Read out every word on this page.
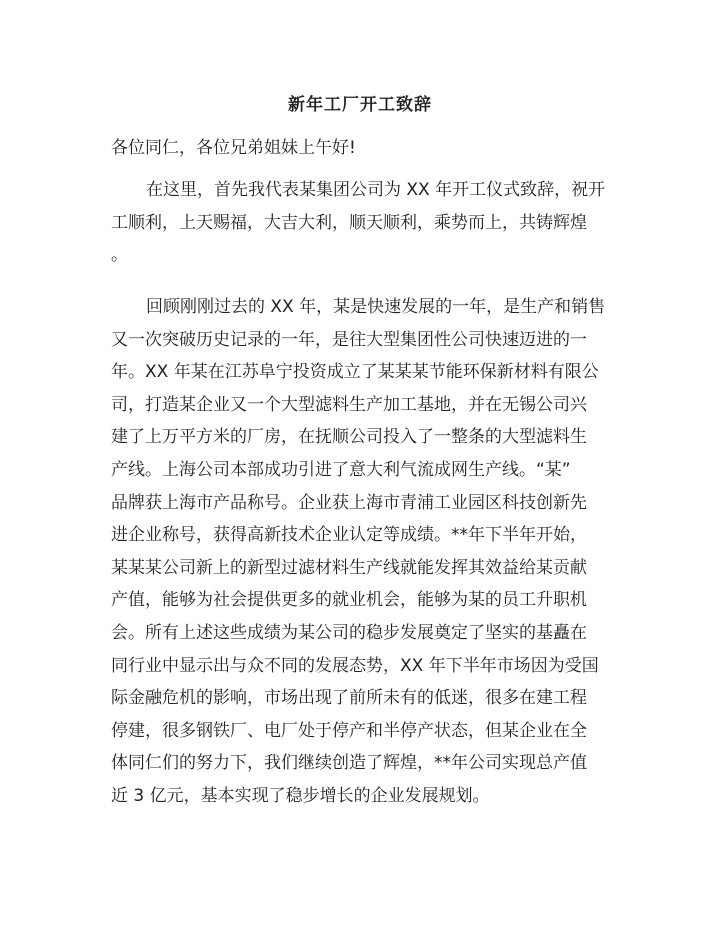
新年工厂开工致辞
各位同仁，各位兄弟姐妹上午好!
在这里，首先我代表某集团公司为 XX 年开工仪式致辞，祝开
工顺利，上天赐福，大吉大利，顺天顺利，乘势而上，共铸辉煌
。
回顾刚刚过去的 XX 年，某是快速发展的一年，是生产和销售
又一次突破历史记录的一年，是往大型集团性公司快速迈进的一
年。XX 年某在江苏阜宁投资成立了某某某节能环保新材料有限公
司，打造某企业又一个大型滤料生产加工基地，并在无锡公司兴
建了上万平方米的厂房，在抚顺公司投入了一整条的大型滤料生
产线。上海公司本部成功引进了意大利气流成网生产线。“某”
品牌获上海市产品称号。企业获上海市青浦工业园区科技创新先
进企业称号，获得高新技术企业认定等成绩。**年下半年开始，
某某某公司新上的新型过滤材料生产线就能发挥其效益给某贡献
产值，能够为社会提供更多的就业机会，能够为某的员工升职机
会。所有上述这些成绩为某公司的稳步发展奠定了坚实的基矗在
同行业中显示出与众不同的发展态势，XX 年下半年市场因为受国
际金融危机的影响，市场出现了前所未有的低迷，很多在建工程
停建，很多钢铁厂、电厂处于停产和半停产状态，但某企业在全
体同仁们的努力下，我们继续创造了辉煌，**年公司实现总产值
近 3 亿元，基本实现了稳步增长的企业发展规划。
